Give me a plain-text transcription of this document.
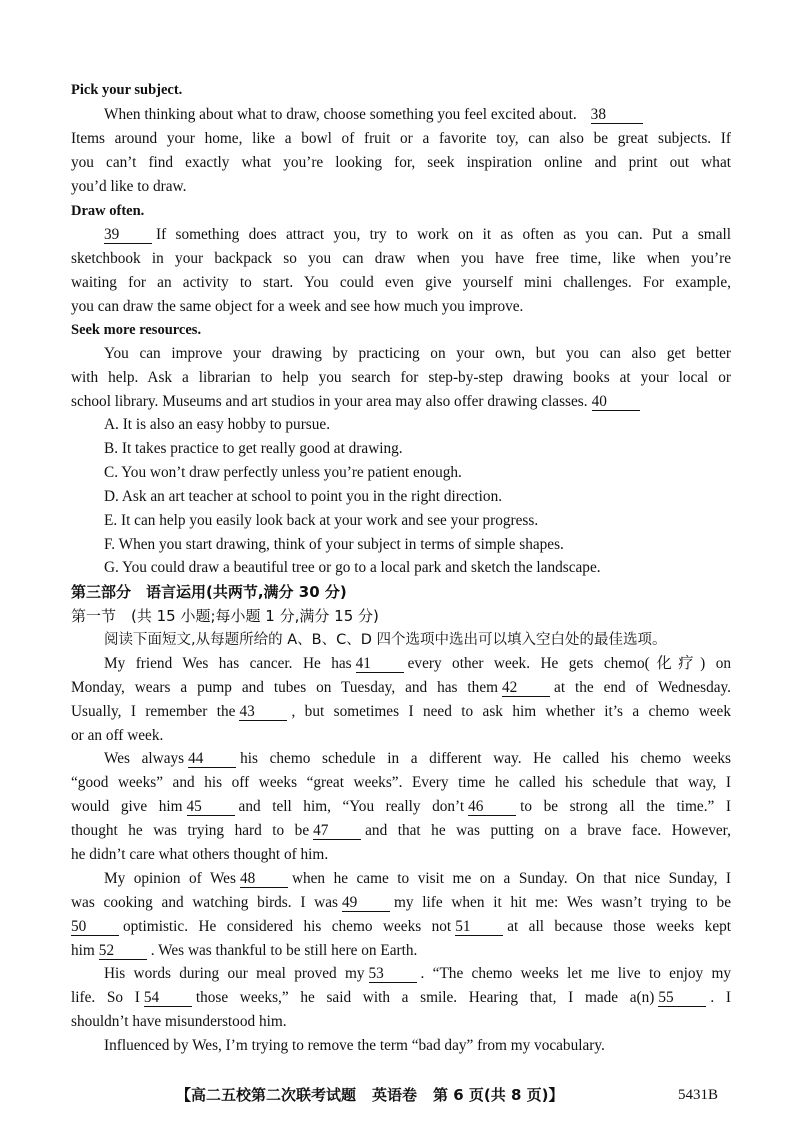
Pick your subject.
When thinking about what to draw, choose something you feel excited about. 38
Items around your home, like a bowl of fruit or a favorite toy, can also be great subjects. If
you can’t find exactly what you’re looking for, seek inspiration online and print out what
you’d like to draw.
Draw often.
39 If something does attract you, try to work on it as often as you can. Put a small
sketchbook in your backpack so you can draw when you have free time, like when you’re
waiting for an activity to start. You could even give yourself mini challenges. For example,
you can draw the same object for a week and see how much you improve.
Seek more resources.
You can improve your drawing by practicing on your own, but you can also get better
with help. Ask a librarian to help you search for step-by-step drawing books at your local or
school library. Museums and art studios in your area may also offer drawing classes. 40
A. It is also an easy hobby to pursue.
B. It takes practice to get really good at drawing.
C. You won’t draw perfectly unless you’re patient enough.
D. Ask an art teacher at school to point you in the right direction.
E. It can help you easily look back at your work and see your progress.
F. When you start drawing, think of your subject in terms of simple shapes.
G. You could draw a beautiful tree or go to a local park and sketch the landscape.
第三部分　语言运用(共两节,满分 30 分)
第一节　(共 15 小题;每小题 1 分,满分 15 分)
阅读下面短文,从每题所给的 A、B、C、D 四个选项中选出可以填入空白处的最佳选项。
My friend Wes has cancer. He has 41 every other week. He gets chemo(化疗) on
Monday, wears a pump and tubes on Tuesday, and has them 42 at the end of Wednesday.
Usually, I remember the 43 , but sometimes I need to ask him whether it’s a chemo week
or an off week.
Wes always 44 his chemo schedule in a different way. He called his chemo weeks
“good weeks” and his off weeks “great weeks”. Every time he called his schedule that way, I
would give him 45 and tell him, “You really don’t 46 to be strong all the time.” I
thought he was trying hard to be 47 and that he was putting on a brave face. However,
he didn’t care what others thought of him.
My opinion of Wes 48 when he came to visit me on a Sunday. On that nice Sunday, I
was cooking and watching birds. I was 49 my life when it hit me: Wes wasn’t trying to be
50 optimistic. He considered his chemo weeks not 51 at all because those weeks kept
him 52 . Wes was thankful to be still here on Earth.
His words during our meal proved my 53 . “The chemo weeks let me live to enjoy my
life. So I 54 those weeks,” he said with a smile. Hearing that, I made a(n) 55 . I
shouldn’t have misunderstood him.
Influenced by Wes, I’m trying to remove the term “bad day” from my vocabulary.
【高二五校第二次联考试题 英语卷 第 6 页(共 8 页)】	5431B
